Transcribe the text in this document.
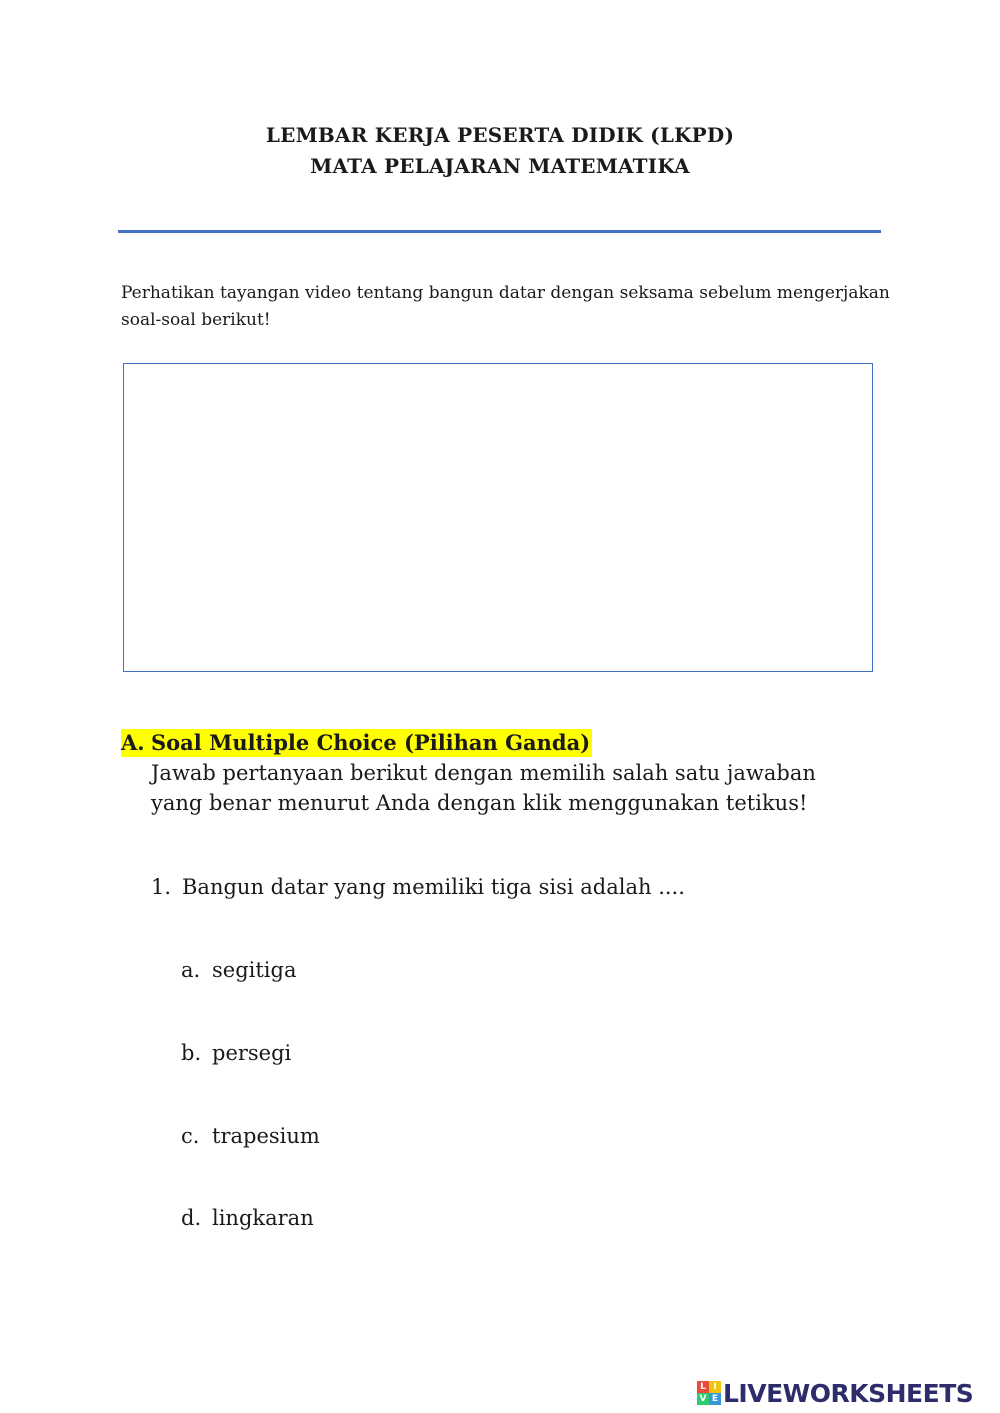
LEMBAR KERJA PESERTA DIDIK (LKPD)
MATA PELAJARAN MATEMATIKA
Perhatikan tayangan video tentang bangun datar dengan seksama sebelum mengerjakan soal-soal berikut!
A. Soal Multiple Choice (Pilihan Ganda)
Jawab pertanyaan berikut dengan memilih salah satu jawaban yang benar menurut Anda dengan klik menggunakan tetikus!
1. Bangun datar yang memiliki tiga sisi adalah ....
a. segitiga
b. persegi
c. trapesium
d. lingkaran
L I
V E LIVEWORKSHEETS
